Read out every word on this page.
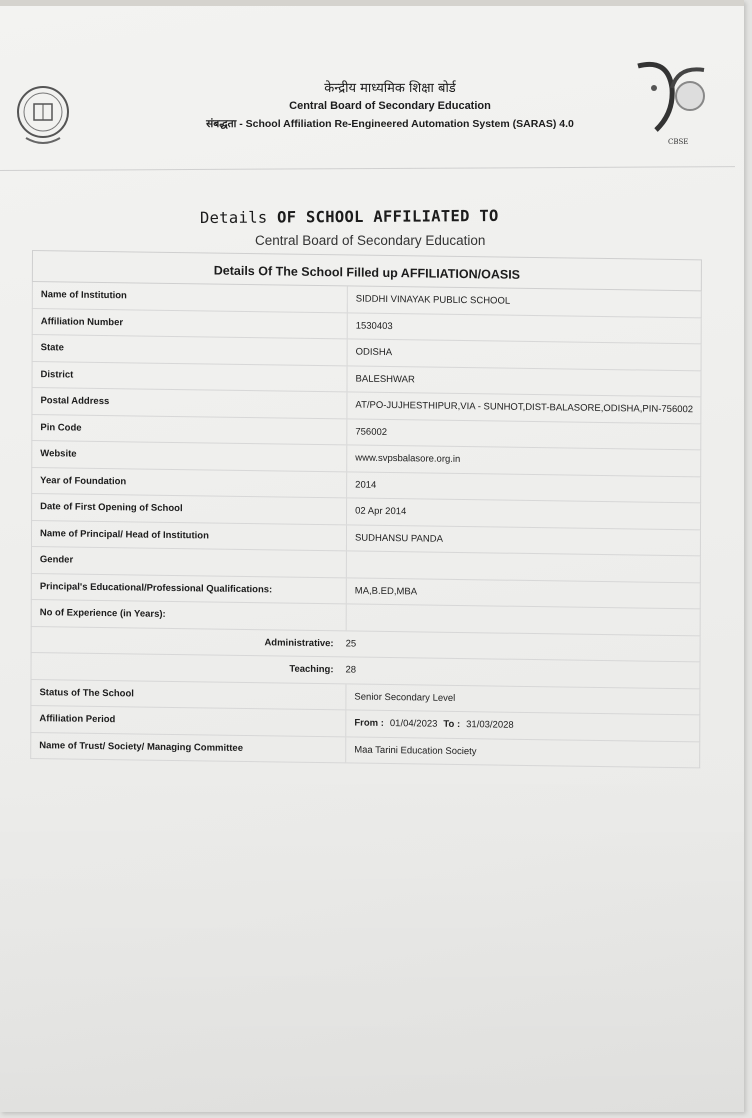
CBSE
केन्द्रीय माध्यमिक शिक्षा बोर्ड
Central Board of Secondary Education
संबद्धता - School Affiliation Re-Engineered Automation System (SARAS) 4.0
Details OF SCHOOL AFFILIATED TO
Central Board of Secondary Education
Details Of The School Filled up AFFILIATION/OASIS
Name of Institution	SIDDHI VINAYAK PUBLIC SCHOOL
Affiliation Number	1530403
State	ODISHA
District	BALESHWAR
Postal Address	AT/PO-JUJHESTHIPUR,VIA - SUNHOT,DIST-BALASORE,ODISHA,PIN-756002
Pin Code	756002
Website	www.svpsbalasore.org.in
Year of Foundation	2014
Date of First Opening of School	02 Apr 2014
Name of Principal/ Head of Institution	SUDHANSU PANDA
Gender
Principal's Educational/Professional Qualifications:	MA,B.ED,MBA
No of Experience (in Years):
Administrative:	25
Teaching:	28
Status of The School	Senior Secondary Level
Affiliation Period	From : 01/04/2023 To : 31/03/2028
Name of Trust/ Society/ Managing Committee	Maa Tarini Education Society
